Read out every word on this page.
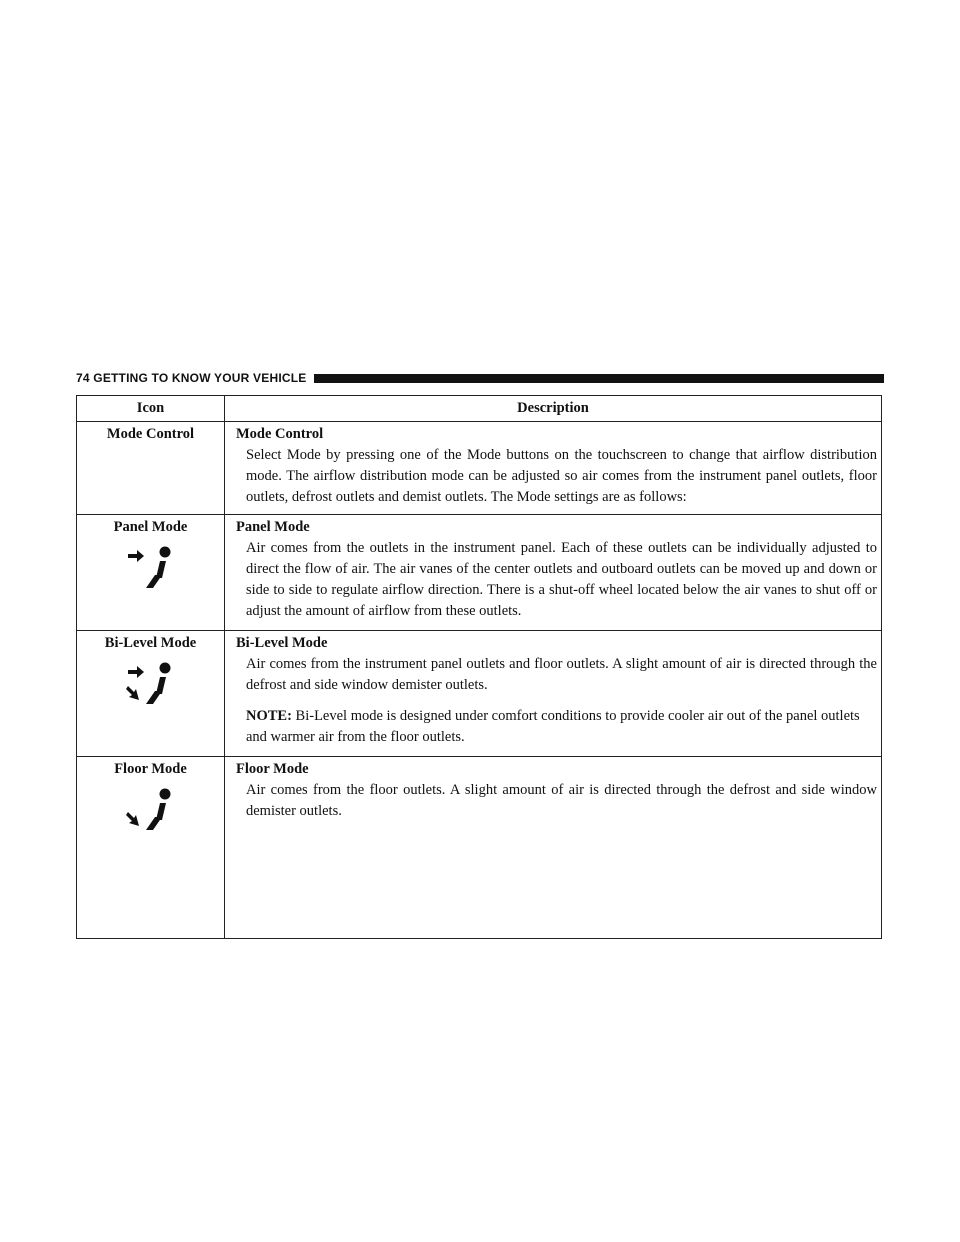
74 GETTING TO KNOW YOUR VEHICLE
Icon	Description

Mode Control	Mode Control
Select Mode by pressing one of the Mode buttons on the touchscreen to change that airflow distribution mode. The airflow distribution mode can be adjusted so air comes from the instrument panel outlets, floor outlets, defrost outlets and demist outlets. The Mode settings are as follows:

Panel Mode	Panel Mode
Air comes from the outlets in the instrument panel. Each of these outlets can be individually adjusted to direct the flow of air. The air vanes of the center outlets and outboard outlets can be moved up and down or side to side to regulate airflow direction. There is a shut-off wheel located below the air vanes to shut off or adjust the amount of airflow from these outlets.

Bi-Level Mode	Bi-Level Mode
Air comes from the instrument panel outlets and floor outlets. A slight amount of air is directed through the defrost and side window demister outlets.
NOTE: Bi-Level mode is designed under comfort conditions to provide cooler air out of the panel outlets and warmer air from the floor outlets.

Floor Mode	Floor Mode
Air comes from the floor outlets. A slight amount of air is directed through the defrost and side window demister outlets.
